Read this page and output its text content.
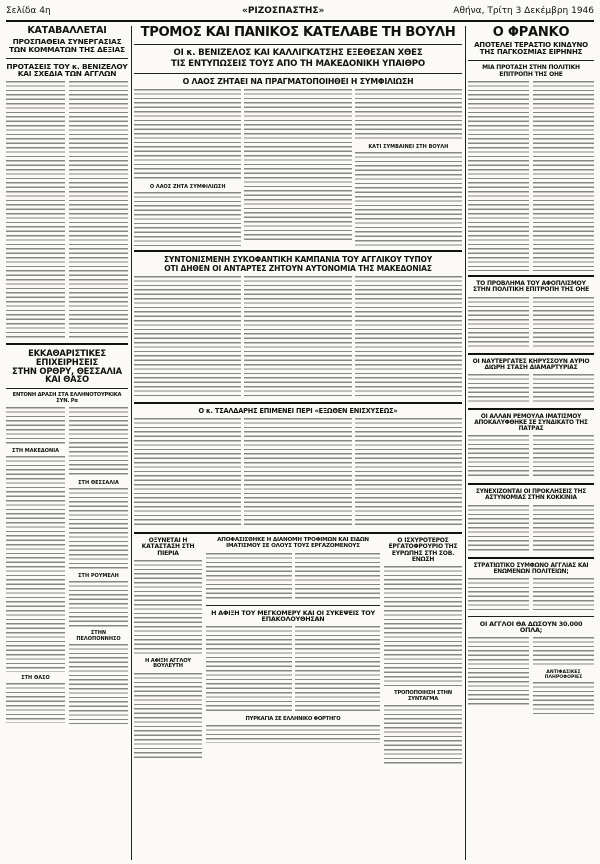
Σελίδα 4η	«ΡΙΖΟΣΠΑΣΤΗΣ»	Αθήνα, Τρίτη 3 Δεκέμβρη 1946

ΚΑΤΑΒΑΛΛΕΤΑΙ

ΠΡΟΣΠΑΘΕΙΑ ΣΥΝΕΡΓΑΣΙΑΣ

ΤΩΝ ΚΟΜΜΑΤΩΝ ΤΗΣ ΔΕΞΙΑΣ

ΠΡΟΤΑΣΕΙΣ ΤΟΥ κ. ΒΕΝΙΖΕΛΟΥ

ΚΑΙ ΣΧΕΔΙΑ ΤΩΝ ΑΓΓΛΩΝ

ΕΚΚΑΘΑΡΙΣΤΙΚΕΣ ΕΠΙΧΕΙΡΗΣΕΙΣ

ΣΤΗΝ ΟΡΘΡΥ, ΘΕΣΣΑΛΙΑ ΚΑΙ ΘΑΣΟ

ΕΝΤΟΝΗ ΔΡΑΣΗ ΣΤΑ ΕΛΛΗΝΟΤΟΥΡΚΙΚΑ ΣΥΝ. Ρα

ΣΤΗ ΜΑΚΕΔΟΝΙΑ

ΣΤΗ ΘΑΣΟ

ΣΤΗ ΘΕΣΣΑΛΙΑ

ΣΤΗ ΡΟΥΜΕΛΗ

ΣΤΗΝ ΠΕΛΟΠΟΝΝΗΣΟ

ΤΡΟΜΟΣ ΚΑΙ ΠΑΝΙΚΟΣ ΚΑΤΕΛΑΒΕ ΤΗ ΒΟΥΛΗ

ΟΙ κ. ΒΕΝΙΖΕΛΟΣ ΚΑΙ ΚΑΛΛΙΓΚΑΤΣΗΣ ΕΞΕΘΕΣΑΝ ΧΘΕΣ

ΤΙΣ ΕΝΤΥΠΩΣΕΙΣ ΤΟΥΣ ΑΠΟ ΤΗ ΜΑΚΕΔΟΝΙΚΗ ΥΠΑΙΘΡΟ

Ο ΛΑΟΣ ΖΗΤΑΕΙ ΝΑ ΠΡΑΓΜΑΤΟΠΟΙΗΘΕΙ Η ΣΥΜΦΙΛΙΩΣΗ

Ο ΛΑΟΣ ΖΗΤΑ ΣΥΜΦΙΛΙΩΣΗ

ΚΑΤΙ ΣΥΜΒΑΙΝΕΙ ΣΤΗ ΒΟΥΛΗ

ΣΥΝΤΟΝΙΣΜΕΝΗ ΣΥΚΟΦΑΝΤΙΚΗ ΚΑΜΠΑΝΙΑ ΤΟΥ ΑΓΓΛΙΚΟΥ ΤΥΠΟΥ

ΟΤΙ ΔΗΘΕΝ ΟΙ ΑΝΤΑΡΤΕΣ ΖΗΤΟΥΝ ΑΥΤΟΝΟΜΙΑ ΤΗΣ ΜΑΚΕΔΟΝΙΑΣ

Ο κ. ΤΣΑΛΔΑΡΗΣ ΕΠΙΜΕΝΕΙ ΠΕΡΙ «ΕΞΩΘΕΝ ΕΝΙΣΧΥΣΕΩΣ»

ΟΞΥΝΕΤΑΙ Η ΚΑΤΑΣΤΑΣΗ ΣΤΗ ΠΙΕΡΙΑ

Η ΑΦΙΞΗ ΑΓΓΛΟΥ ΒΟΥΛΕΥΤΗ

ΑΠΟΦΑΣΙΣΘΗΚΕ Η ΔΙΑΝΟΜΗ ΤΡΟΦΙΜΩΝ ΚΑΙ ΕΙΔΩΝ ΙΜΑΤΙΣΜΟΥ ΣΕ ΟΛΟΥΣ ΤΟΥΣ ΕΡΓΑΖΟΜΕΝΟΥΣ

Η ΑΦΙΞΗ ΤΟΥ ΜΕΓΚΟΜΕΡΥ ΚΑΙ ΟΙ ΣΥΚΕΨΕΙΣ ΤΟΥ ΕΠΑΚΟΛΟΥΘΗΣΑΝ

ΠΥΡΚΑΓΙΑ ΣΕ ΕΛΛΗΝΙΚΟ ΦΟΡΤΗΓΟ

Ο ΙΣΧΥΡΟΤΕΡΟΣ ΕΡΓΑΤΟΦΡΟΥΡΙΟ ΤΗΣ ΕΥΡΩΠΗΣ ΣΤΗ ΣΟΒ. ΕΝΩΣΗ

ΤΡΟΠΟΠΟΙΗΣΗ ΣΤΗΝ ΣΥΝΤΑΓΜΑ

Ο ΦΡΑΝΚΟ

ΑΠΟΤΕΛΕΙ ΤΕΡΑΣΤΙΟ ΚΙΝΔΥΝΟ

ΤΗΣ ΠΑΓΚΟΣΜΙΑΣ ΕΙΡΗΝΗΣ

ΜΙΑ ΠΡΟΤΑΣΗ ΣΤΗΝ ΠΟΛΙΤΙΚΗ ΕΠΙΤΡΟΠΗ ΤΗΣ ΟΗΕ

ΤΟ ΠΡΟΒΛΗΜΑ ΤΟΥ ΑΦΟΠΛΙΣΜΟΥ ΣΤΗΝ ΠΟΛΙΤΙΚΗ ΕΠΙΤΡΟΠΗ ΤΗΣ ΟΗΕ

ΟΙ ΝΑΥΤΕΡΓΑΤΕΣ ΚΗΡΥΣΣΟΥΝ ΑΥΡΙΟ ΔΙΩΡΗ ΣΤΑΣΗ ΔΙΑΜΑΡΤΥΡΙΑΣ

ΟΙ ΑΛΛΑΝ ΡΕΜΟΥΛΑ ΙΜΑΤΙΣΜΟΥ ΑΠΟΚΑΛΥΦΘΗΚΕ ΣΕ ΣΥΝΔΙΚΑΤΟ ΤΗΣ ΠΑΤΡΑΣ

ΣΥΝΕΧΙΖΟΝΤΑΙ ΟΙ ΠΡΟΚΛΗΣΕΙΣ ΤΗΣ ΑΣΤΥΝΟΜΙΑΣ ΣΤΗΝ ΚΟΚΚΙΝΙΑ

ΣΤΡΑΤΙΩΤΙΚΟ ΣΥΜΦΩΝΟ ΑΓΓΛΙΑΣ ΚΑΙ ΕΝΩΜΕΝΩΝ ΠΟΛΙΤΕΙΩΝ;

ΟΙ ΑΓΓΛΟΙ ΘΑ ΔΩΣΟΥΝ 30.000 ΟΠΛΑ;

ΑΝΤΙΦΑΣΙΚΕΣ ΠΛΗΡΟΦΟΡΙΕΣ
